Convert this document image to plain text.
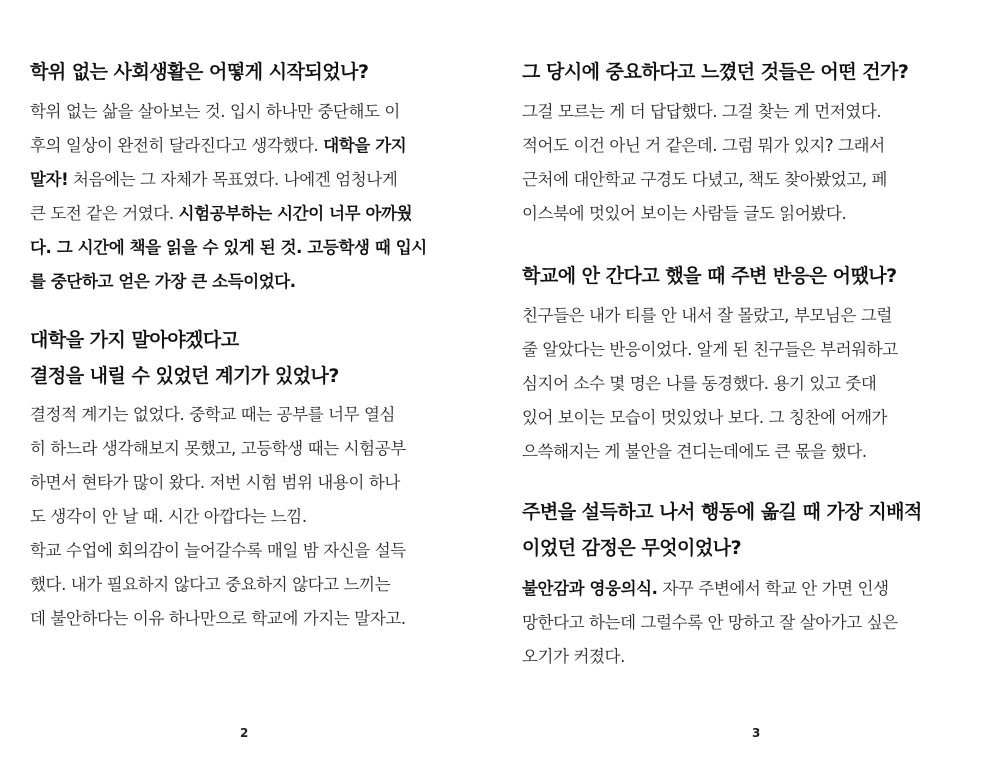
학위 없는 사회생활은 어떻게 시작되었나?

학위 없는 삶을 살아보는 것. 입시 하나만 중단해도 이
후의 일상이 완전히 달라진다고 생각했다. 대학을 가지
말자! 처음에는 그 자체가 목표였다. 나에겐 엄청나게
큰 도전 같은 거였다. 시험공부하는 시간이 너무 아까웠
다. 그 시간에 책을 읽을 수 있게 된 것. 고등학생 때 입시
를 중단하고 얻은 가장 큰 소득이었다.

대학을 가지 말아야겠다고
결정을 내릴 수 있었던 계기가 있었나?

결정적 계기는 없었다. 중학교 때는 공부를 너무 열심
히 하느라 생각해보지 못했고, 고등학생 때는 시험공부
하면서 현타가 많이 왔다. 저번 시험 범위 내용이 하나
도 생각이 안 날 때. 시간 아깝다는 느낌.
학교 수업에 회의감이 늘어갈수록 매일 밤 자신을 설득
했다. 내가 필요하지 않다고 중요하지 않다고 느끼는
데 불안하다는 이유 하나만으로 학교에 가지는 말자고.

2

그 당시에 중요하다고 느꼈던 것들은 어떤 건가?

그걸 모르는 게 더 답답했다. 그걸 찾는 게 먼저였다.
적어도 이건 아닌 거 같은데. 그럼 뭐가 있지? 그래서
근처에 대안학교 구경도 다녔고, 책도 찾아봤었고, 페
이스북에 멋있어 보이는 사람들 글도 읽어봤다.

학교에 안 간다고 했을 때 주변 반응은 어땠나?

친구들은 내가 티를 안 내서 잘 몰랐고, 부모님은 그럴
줄 알았다는 반응이었다. 알게 된 친구들은 부러워하고
심지어 소수 몇 명은 나를 동경했다. 용기 있고 줏대
있어 보이는 모습이 멋있었나 보다. 그 칭찬에 어깨가
으쓱해지는 게 불안을 견디는데에도 큰 몫을 했다.

주변을 설득하고 나서 행동에 옮길 때 가장 지배적
이었던 감정은 무엇이었나?

불안감과 영웅의식. 자꾸 주변에서 학교 안 가면 인생
망한다고 하는데 그럴수록 안 망하고 잘 살아가고 싶은
오기가 커졌다.

3
